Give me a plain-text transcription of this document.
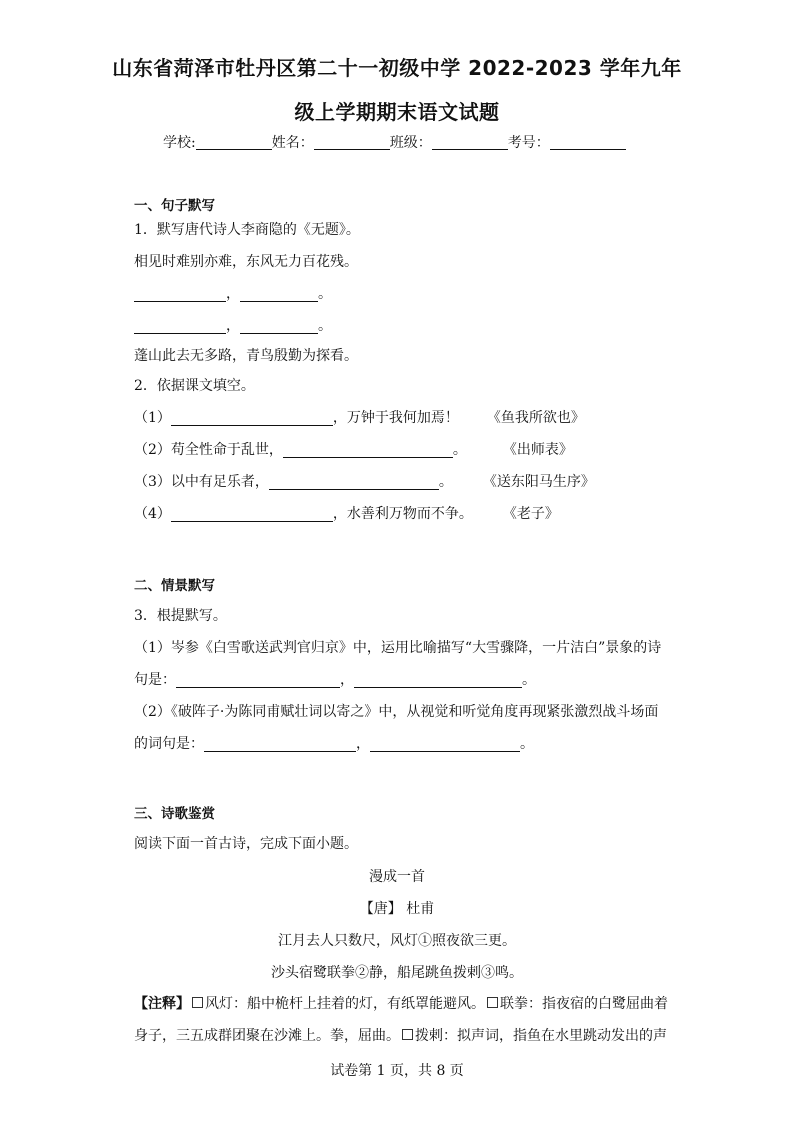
山东省菏泽市牡丹区第二十一初级中学 2022-2023 学年九年
级上学期期末语文试题
学校:	姓名：	班级：	考号：
一、句子默写
1．默写唐代诗人李商隐的《无题》。
相见时难别亦难，东风无力百花残。
，	。
，	。
蓬山此去无多路，青鸟殷勤为探看。
2．依据课文填空。
（1）	，万钟于我何加焉！ 《鱼我所欲也》
（2）苟全性命于乱世，	。	《出师表》
（3）以中有足乐者，	。 《送东阳马生序》
（4）	，水善利万物而不争。 《老子》
二、情景默写
3．根提默写。
（1）岑参《白雪歌送武判官归京》中，运用比喻描写“大雪骤降，一片洁白”景象的诗
句是：	，	。
（2）《破阵子·为陈同甫赋壮词以寄之》中，从视觉和听觉角度再现紧张激烈战斗场面
的词句是：	，	。
三、诗歌鉴赏
阅读下面一首古诗，完成下面小题。
漫成一首
【唐】 杜甫
江月去人只数尺，风灯①照夜欲三更。
沙头宿鹭联拳②静，船尾跳鱼拨剌③鸣。
【注释】 风灯：船中桅杆上挂着的灯，有纸罩能避风。 联拳：指夜宿的白鹭屈曲着
身子，三五成群团聚在沙滩上。拳，屈曲。 拨剌：拟声词，指鱼在水里跳动发出的声
试卷第 1 页，共 8 页
